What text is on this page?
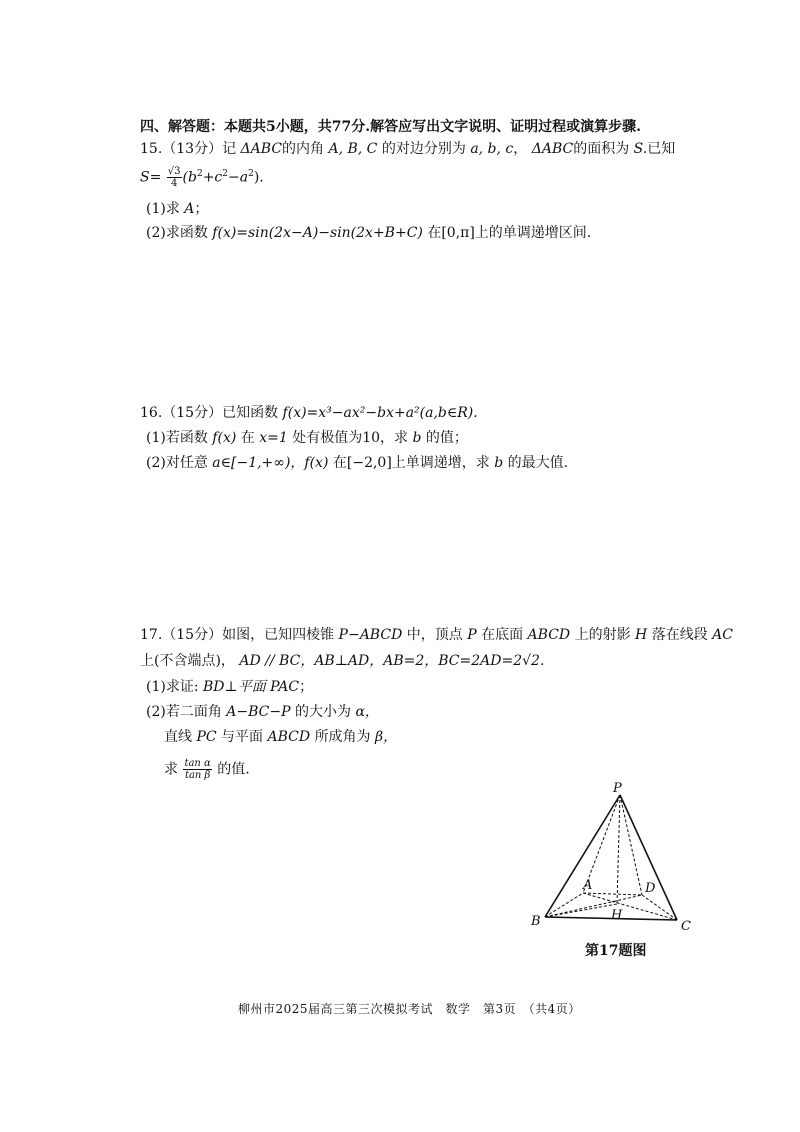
四、解答题：本题共5小题，共77分.解答应写出文字说明、证明过程或演算步骤.
15.（13分）记 ΔABC的内角 A, B, C 的对边分别为 a, b, c， ΔABC的面积为 S.已知
$S= \frac{√3}{4} (b^2+c^2-a^2)$.
(1)求 A；
(2)求函数 f(x)=sin(2x−A)−sin(2x+B+C) 在[0,π]上的单调递增区间.
16.（15分）已知函数 f(x)=x³−ax²−bx+a²(a,b∈R).
(1)若函数 f(x) 在 x=1 处有极值为10，求 b 的值；
(2)对任意 a∈[−1,+∞)，f(x) 在[−2,0]上单调递增，求 b 的最大值.
17.（15分）如图，已知四棱锥 P−ABCD 中，顶点 P 在底面 ABCD 上的射影 H 落在线段 AC
上(不含端点)， AD // BC，AB⊥AD，AB=2，BC=2AD=2√2.
(1)求证: BD⊥平面 PAC；
(2)若二面角 A−BC−P 的大小为 α，
直线 PC 与平面 ABCD 所成角为 β，
求 $\frac{\text{tan α}}{\text{tan β}}$ 的值.
P
A	D
H
B	C
第17题图
柳州市2025届高三第三次模拟考试　数学　第3页　（共4页）
